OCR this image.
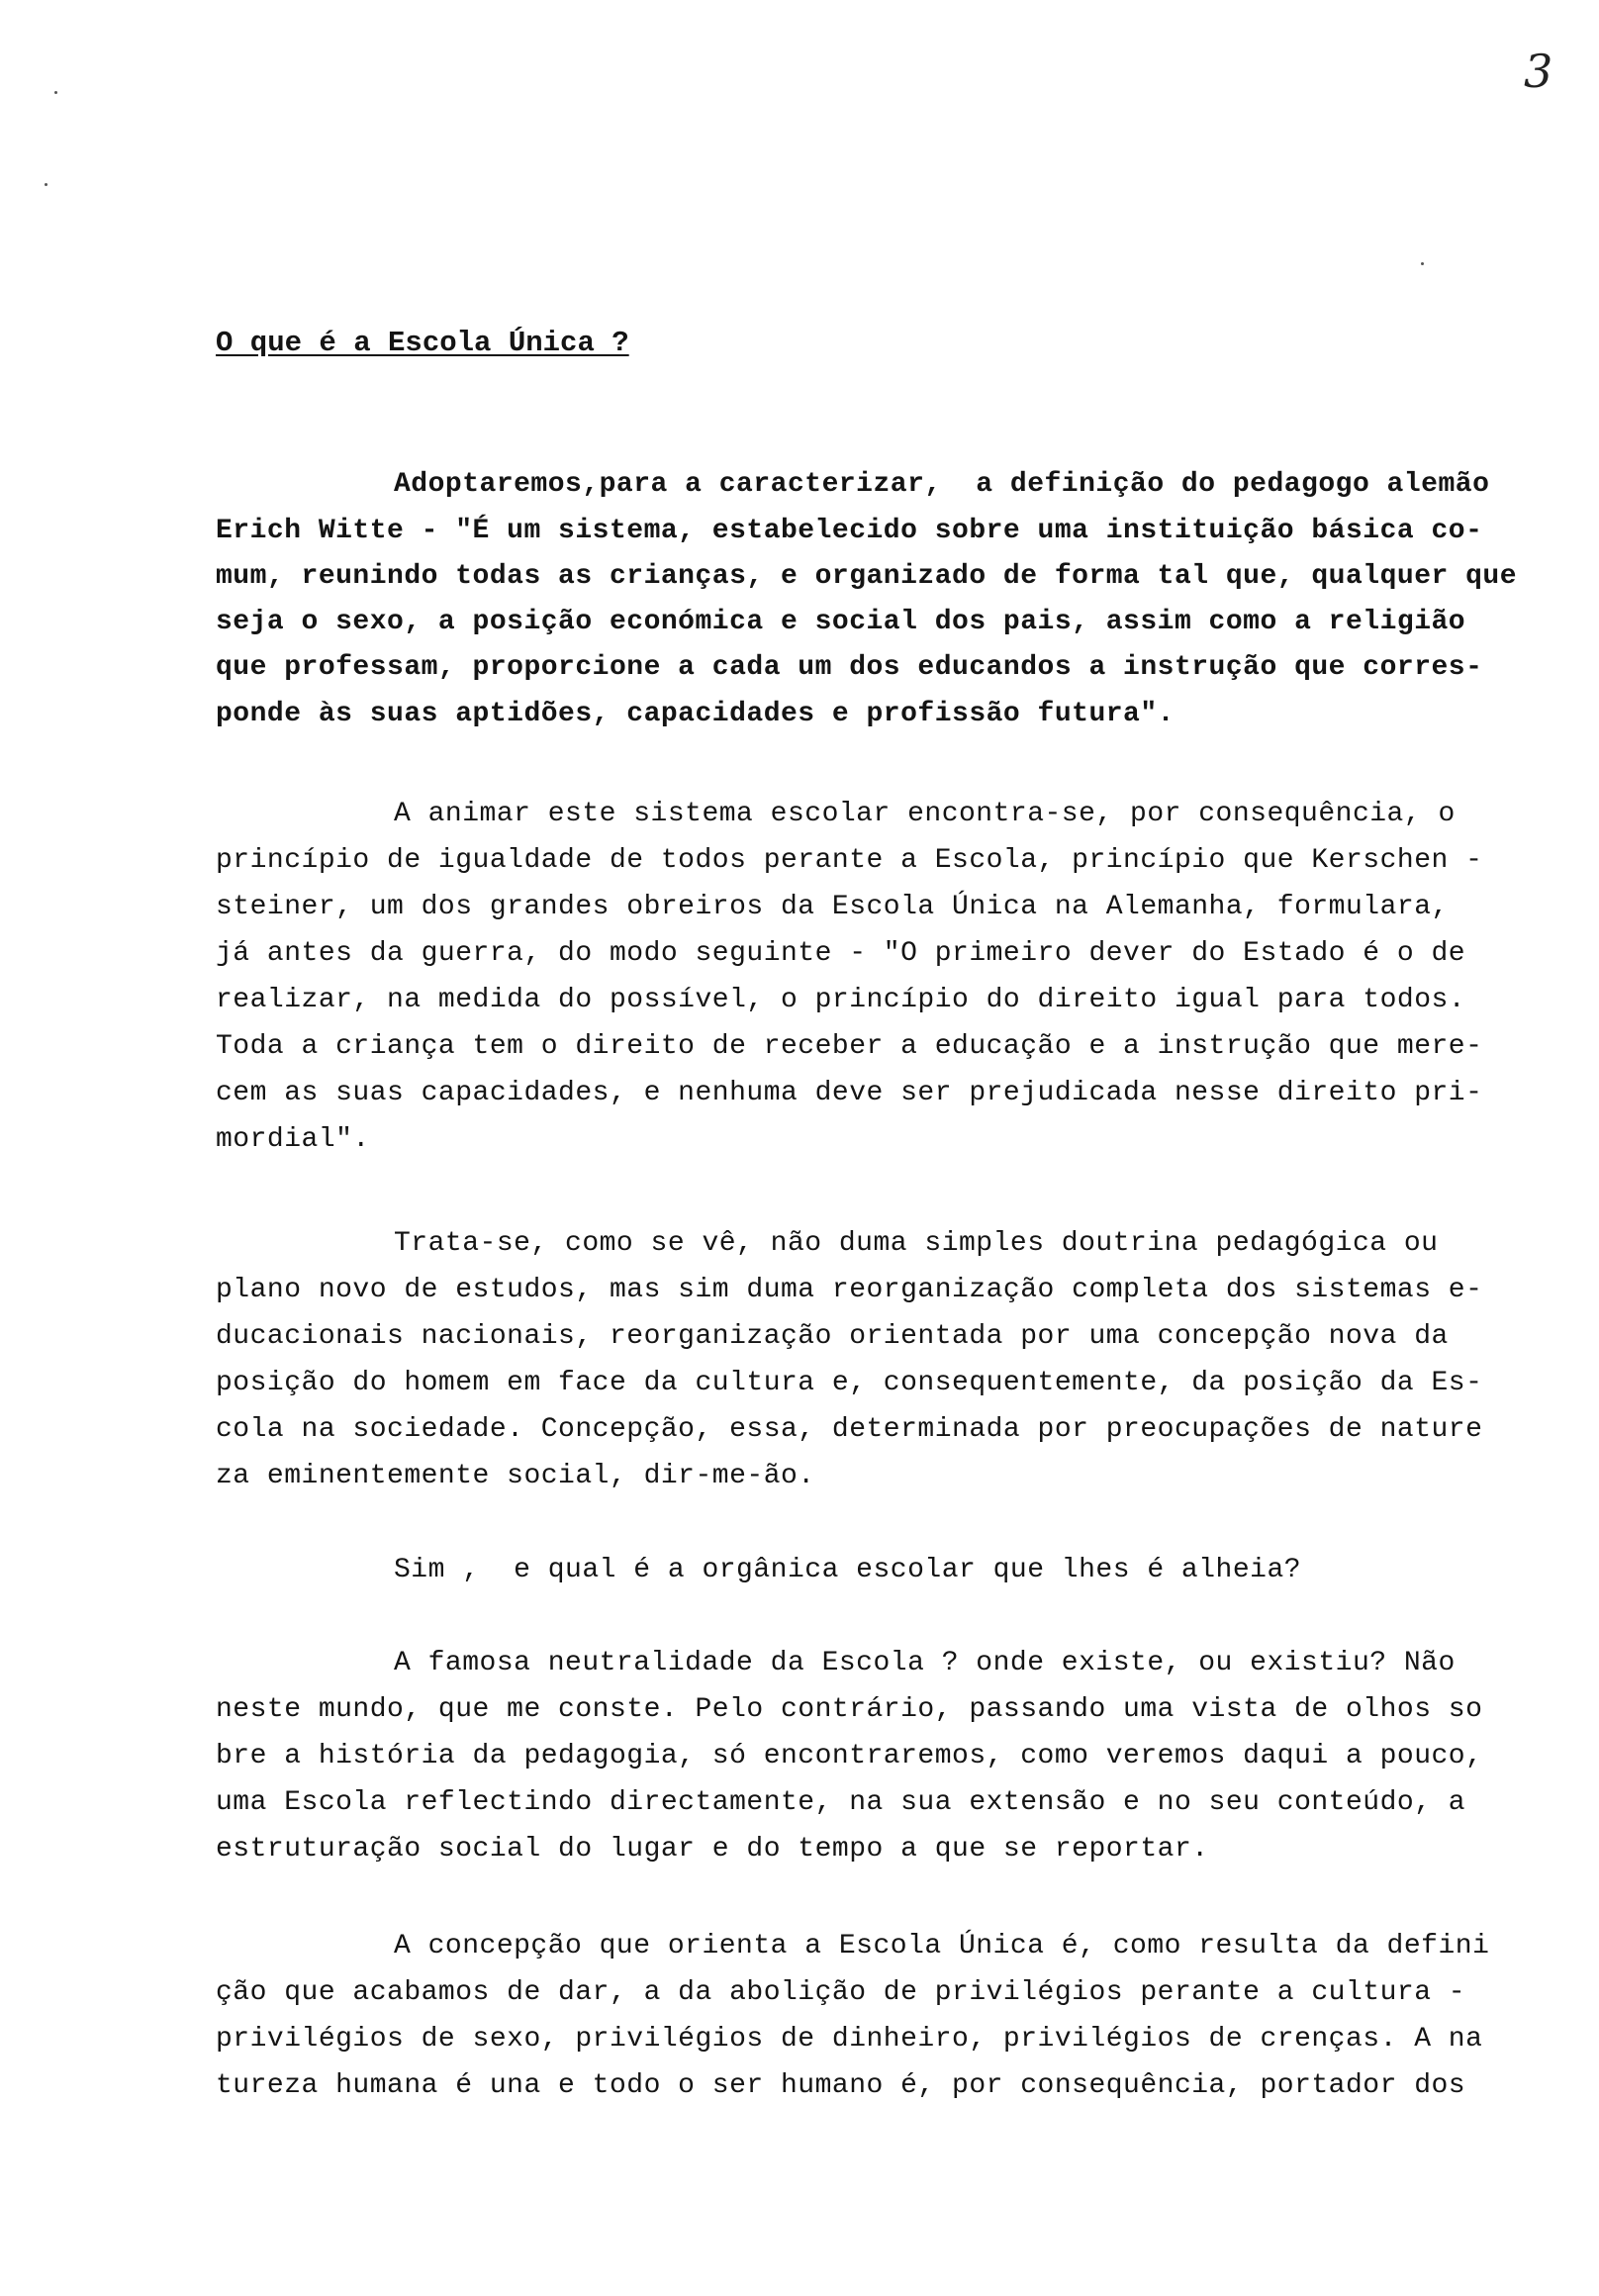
3
O que é a Escola Única ?
Adoptaremos,para a caracterizar,  a definição do pedagogo alemão
Erich Witte - "É um sistema, estabelecido sobre uma instituição básica co-
mum, reunindo todas as crianças, e organizado de forma tal que, qualquer que
seja o sexo, a posição económica e social dos pais, assim como a religião
que professam, proporcione a cada um dos educandos a instrução que corres-
ponde às suas aptidões, capacidades e profissão futura".
A animar este sistema escolar encontra-se, por consequência, o
princípio de igualdade de todos perante a Escola, princípio que Kerschen -
steiner, um dos grandes obreiros da Escola Única na Alemanha, formulara,
já antes da guerra, do modo seguinte - "O primeiro dever do Estado é o de
realizar, na medida do possível, o princípio do direito igual para todos.
Toda a criança tem o direito de receber a educação e a instrução que mere-
cem as suas capacidades, e nenhuma deve ser prejudicada nesse direito pri-
mordial".
Trata-se, como se vê, não duma simples doutrina pedagógica ou
plano novo de estudos, mas sim duma reorganização completa dos sistemas e-
ducacionais nacionais, reorganização orientada por uma concepção nova da
posição do homem em face da cultura e, consequentemente, da posição da Es-
cola na sociedade. Concepção, essa, determinada por preocupações de nature
za eminentemente social, dir-me-ão.
Sim ,  e qual é a orgânica escolar que lhes é alheia?
A famosa neutralidade da Escola ? onde existe, ou existiu? Não
neste mundo, que me conste. Pelo contrário, passando uma vista de olhos so
bre a história da pedagogia, só encontraremos, como veremos daqui a pouco,
uma Escola reflectindo directamente, na sua extensão e no seu conteúdo, a
estruturação social do lugar e do tempo a que se reportar.
A concepção que orienta a Escola Única é, como resulta da defini
ção que acabamos de dar, a da abolição de privilégios perante a cultura -
privilégios de sexo, privilégios de dinheiro, privilégios de crenças. A na
tureza humana é una e todo o ser humano é, por consequência, portador dos
